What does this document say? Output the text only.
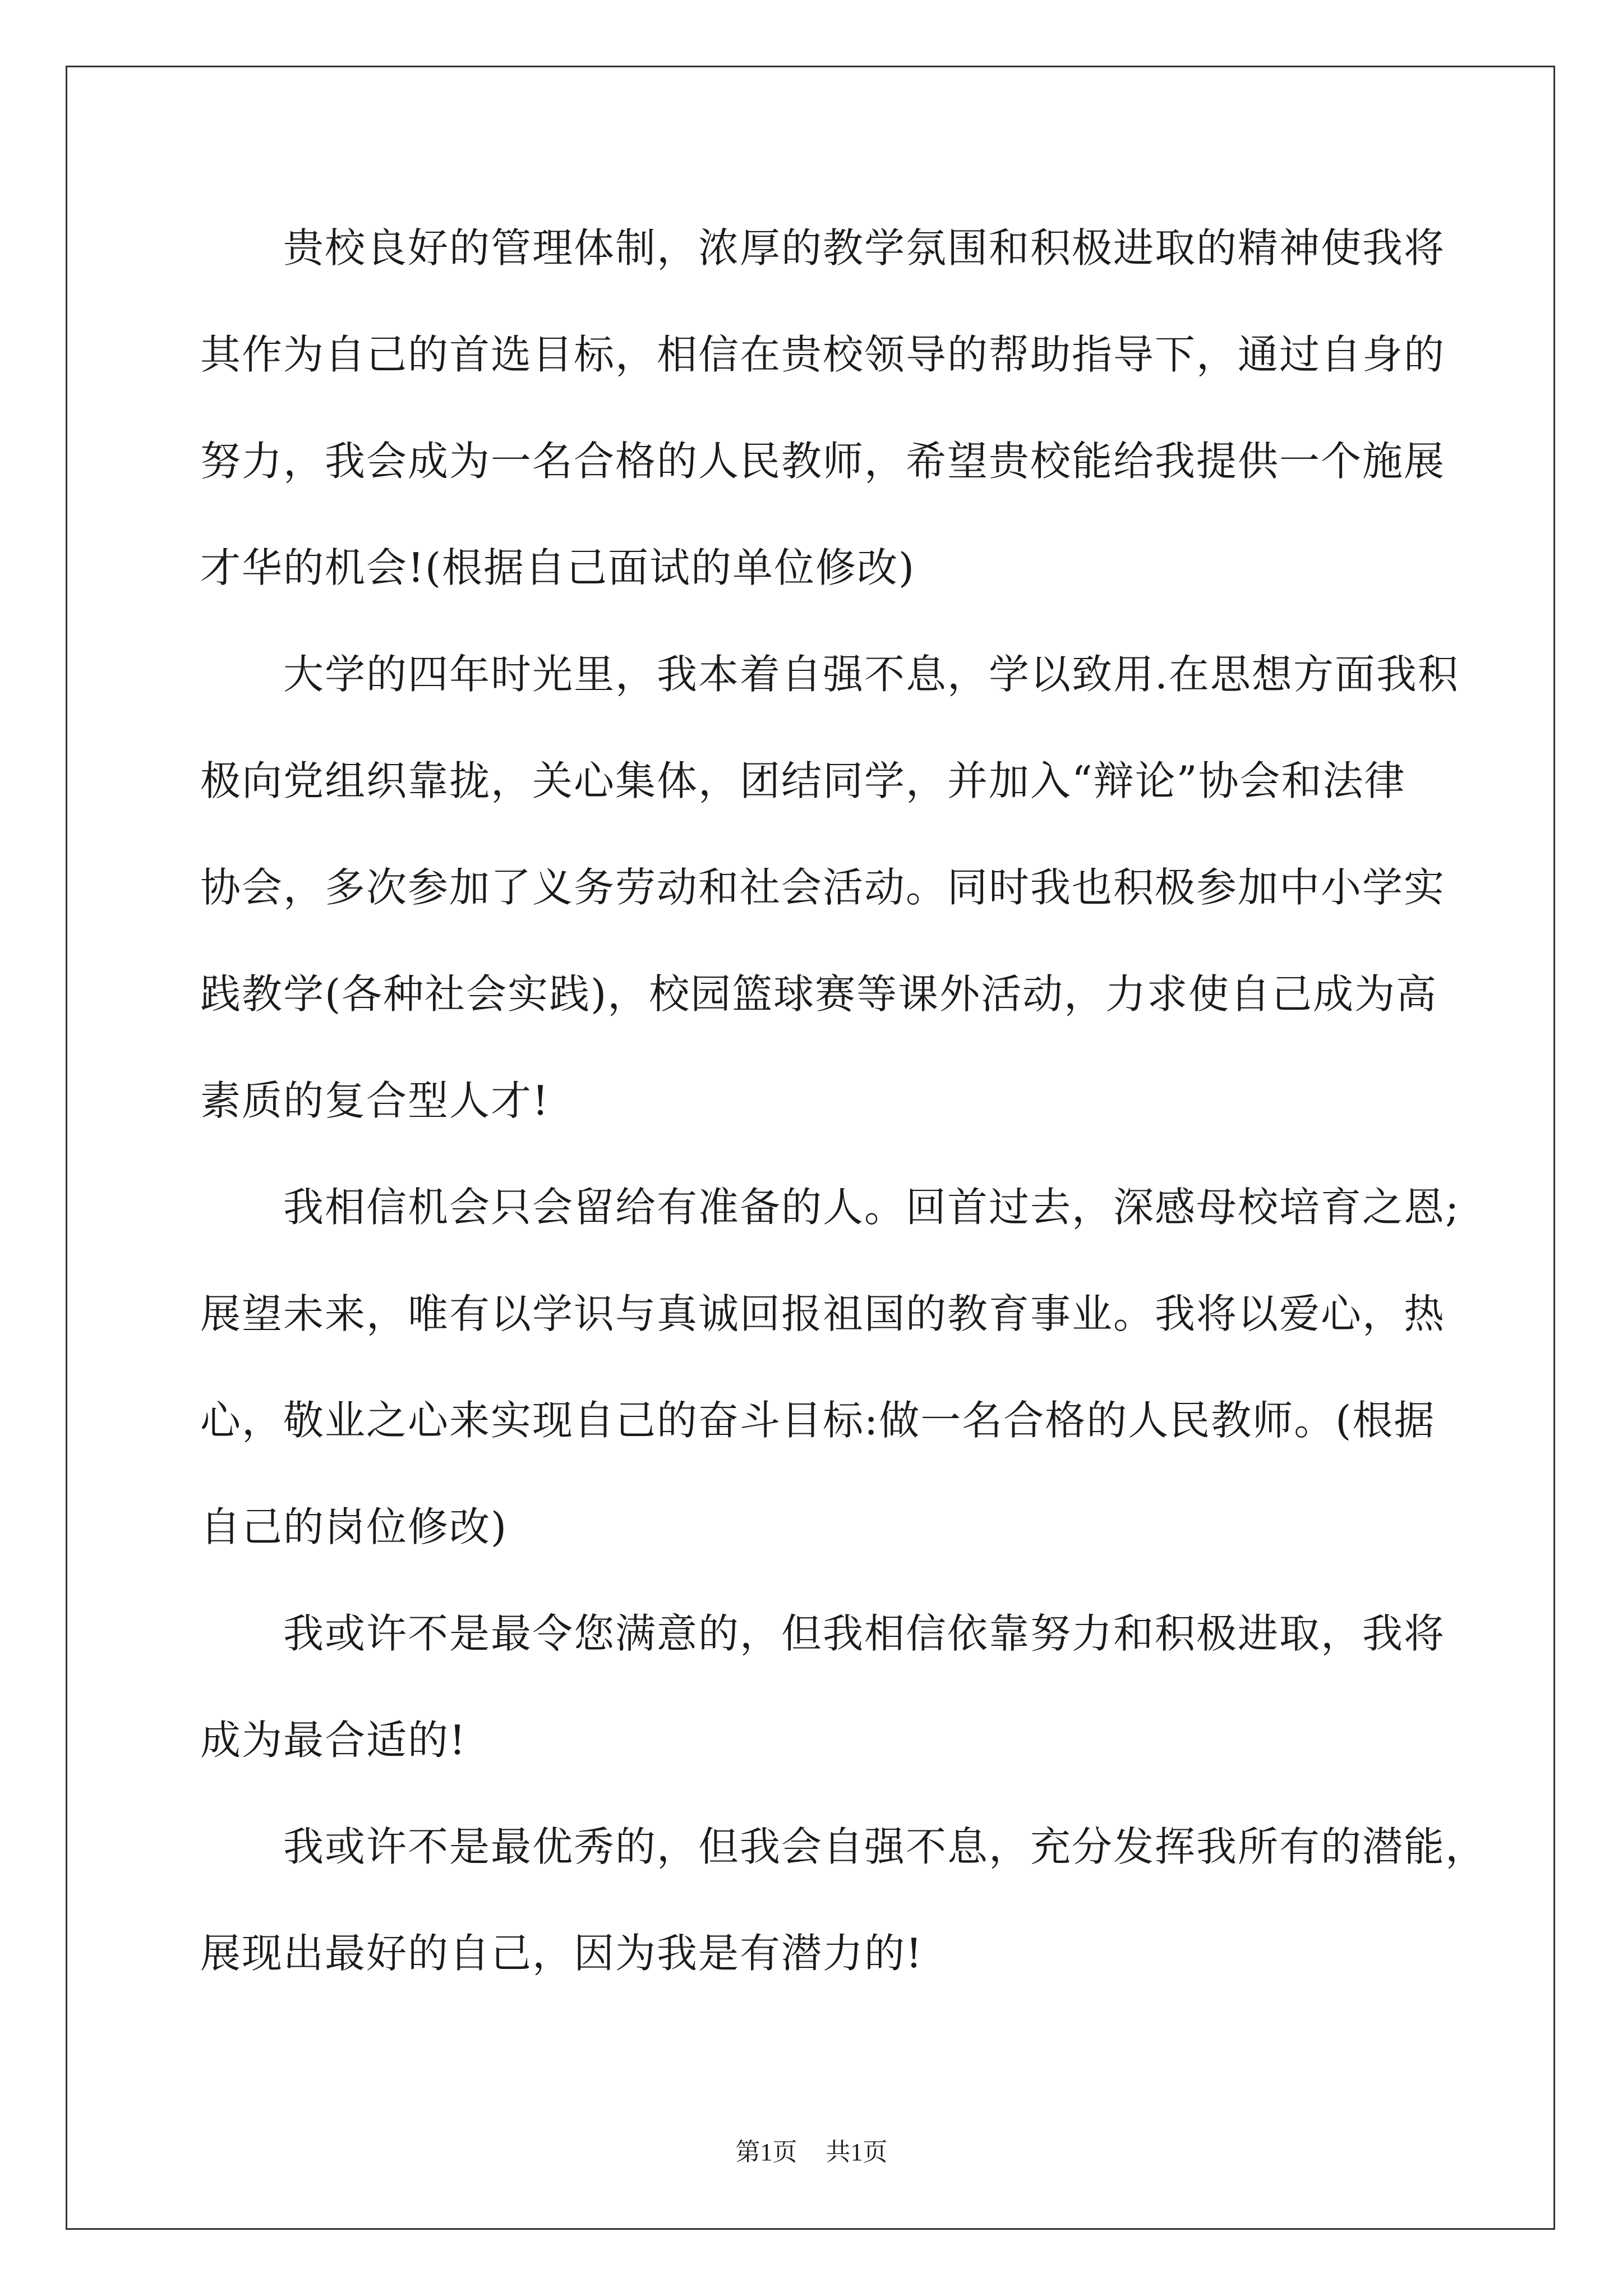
　　贵校良好的管理体制，浓厚的教学氛围和积极进取的精神使我将
其作为自己的首选目标，相信在贵校领导的帮助指导下，通过自身的
努力，我会成为一名合格的人民教师，希望贵校能给我提供一个施展
才华的机会!(根据自己面试的单位修改)
　　大学的四年时光里，我本着自强不息，学以致用.在思想方面我积
极向党组织靠拢，关心集体，团结同学，并加入“辩论”协会和法律
协会，多次参加了义务劳动和社会活动。同时我也积极参加中小学实
践教学(各种社会实践)，校园篮球赛等课外活动，力求使自己成为高
素质的复合型人才!
　　我相信机会只会留给有准备的人。回首过去，深感母校培育之恩;
展望未来，唯有以学识与真诚回报祖国的教育事业。我将以爱心，热
心，敬业之心来实现自己的奋斗目标:做一名合格的人民教师。(根据
自己的岗位修改)
　　我或许不是最令您满意的，但我相信依靠努力和积极进取，我将
成为最合适的!
　　我或许不是最优秀的，但我会自强不息，充分发挥我所有的潜能，
展现出最好的自己，因为我是有潜力的!
第1页 共1页
